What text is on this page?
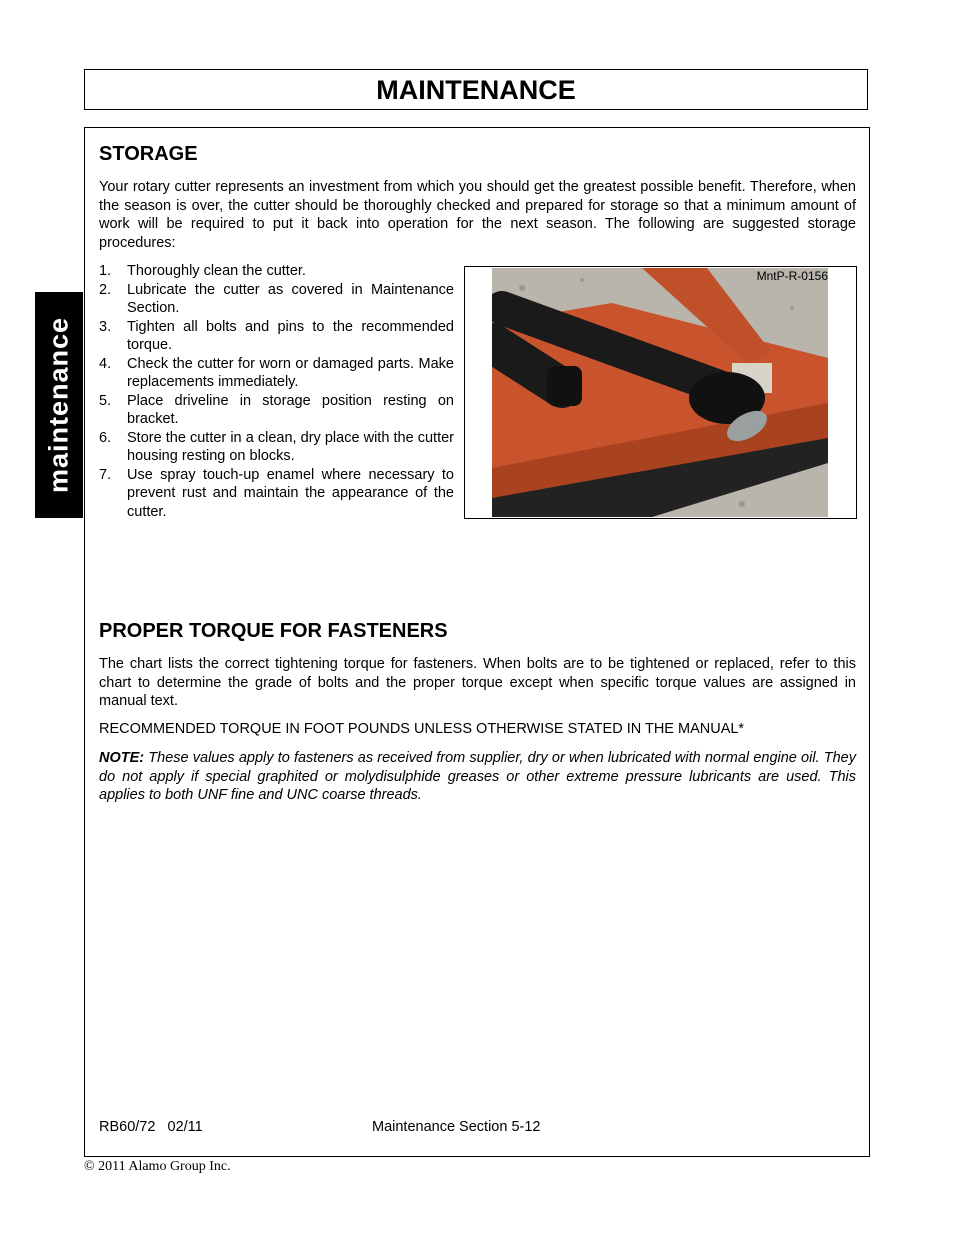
MAINTENANCE
maintenance
STORAGE

Your rotary cutter represents an investment from which you should get the greatest possible benefit. Therefore, when the season is over, the cutter should be thoroughly checked and prepared for storage so that a minimum amount of work will be required to put it back into operation for the next season. The following are suggested storage procedures:

1. Thoroughly clean the cutter.
2. Lubricate the cutter as covered in Maintenance Section.
3. Tighten all bolts and pins to the recommended torque.
4. Check the cutter for worn or damaged parts. Make replacements immediately.
5. Place driveline in storage position resting on bracket.
6. Store the cutter in a clean, dry place with the cutter housing resting on blocks.
7. Use spray touch-up enamel where necessary to prevent rust and maintain the appearance of the cutter.
MntP-R-0156
PROPER TORQUE FOR FASTENERS

The chart lists the correct tightening torque for fasteners. When bolts are to be tightened or replaced, refer to this chart to determine the grade of bolts and the proper torque except when specific torque values are assigned in manual text.

RECOMMENDED TORQUE IN FOOT POUNDS UNLESS OTHERWISE STATED IN THE MANUAL*

NOTE: These values apply to fasteners as received from supplier, dry or when lubricated with normal engine oil. They do not apply if special graphited or molydisulphide greases or other extreme pressure lubricants are used. This applies to both UNF fine and UNC coarse threads.

RB60/72   02/11	Maintenance Section 5-12
© 2011 Alamo Group Inc.
